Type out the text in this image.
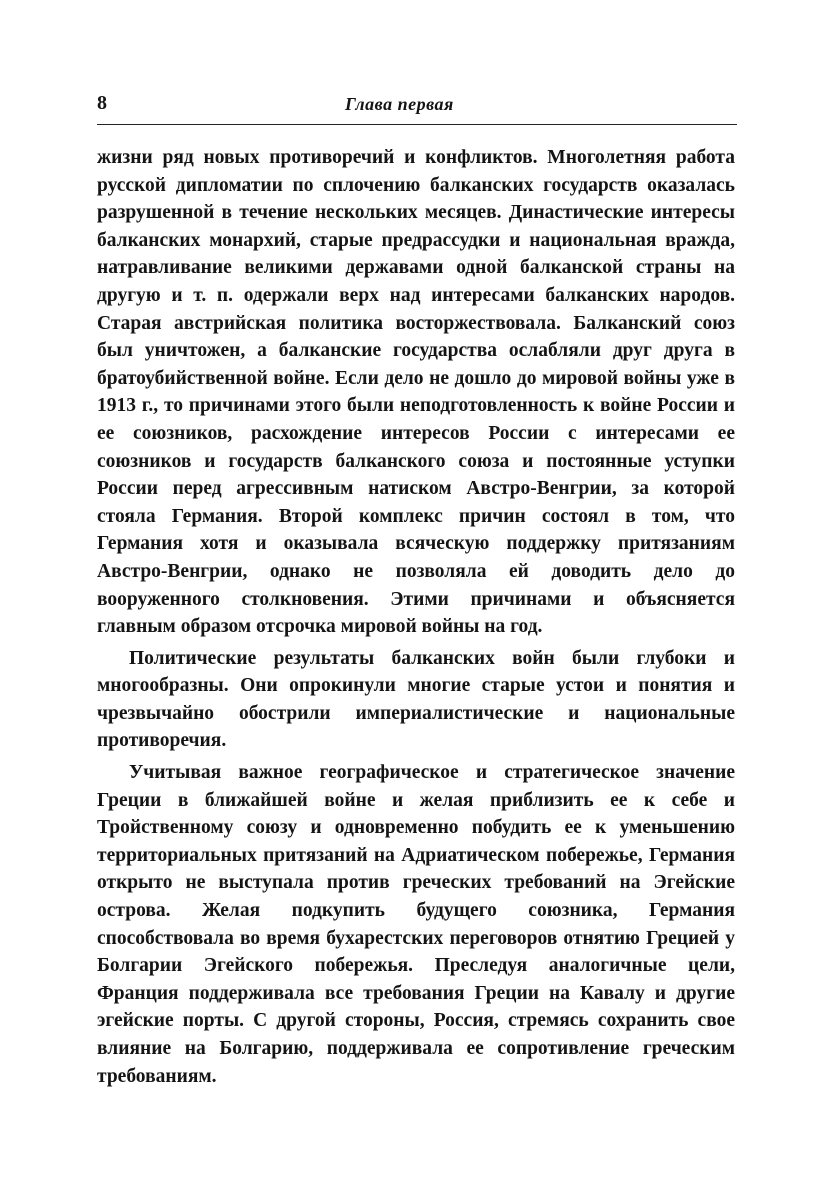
8	Глава первая

жизни ряд новых противоречий и конфликтов. Многолетняя работа русской дипломатии по сплочению балканских государств оказалась разрушенной в течение нескольких месяцев. Династические интересы балканских монархий, старые предрассудки и национальная вражда, натравливание великими державами одной балканской страны на другую и т. п. одержали верх над интересами балканских народов. Старая австрийская политика восторжествовала. Балканский союз был уничтожен, а балканские государства ослабляли друг друга в братоубийственной войне. Если дело не дошло до мировой войны уже в 1913 г., то причинами этого были неподготовленность к войне России и ее союзников, расхождение интересов России с интересами ее союзников и государств балканского союза и постоянные уступки России перед агрессивным натиском Австро-Венгрии, за которой стояла Германия. Второй комплекс причин состоял в том, что Германия хотя и оказывала всяческую поддержку притязаниям Австро-Венгрии, однако не позволяла ей доводить дело до вооруженного столкновения. Этими причинами и объясняется главным образом отсрочка мировой войны на год.

Политические результаты балканских войн были глубоки и многообразны. Они опрокинули многие старые устои и понятия и чрезвычайно обострили империалистические и национальные противоречия.

Учитывая важное географическое и стратегическое значение Греции в ближайшей войне и желая приблизить ее к себе и Тройственному союзу и одновременно побудить ее к уменьшению территориальных притязаний на Адриатическом побережье, Германия открыто не выступала против греческих требований на Эгейские острова. Желая подкупить будущего союзника, Германия способствовала во время бухарестских переговоров отнятию Грецией у Болгарии Эгейского побережья. Преследуя аналогичные цели, Франция поддерживала все требования Греции на Кавалу и другие эгейские порты. С другой стороны, Россия, стремясь сохранить свое влияние на Болгарию, поддерживала ее сопротивление греческим требованиям.
